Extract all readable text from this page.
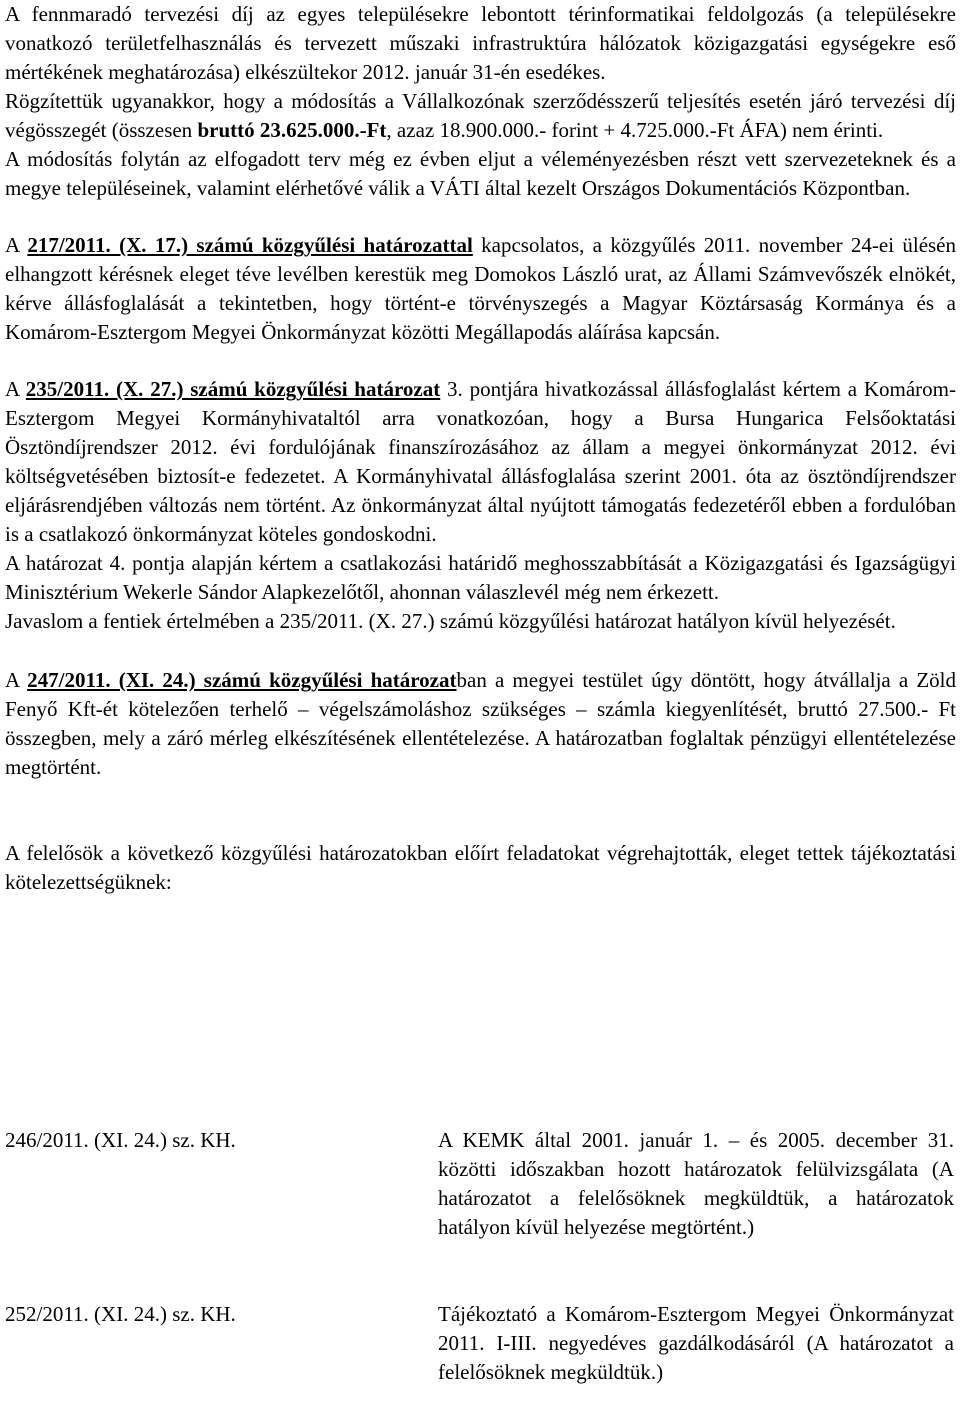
A fennmaradó tervezési díj az egyes településekre lebontott térinformatikai feldolgozás (a településekre vonatkozó területfelhasználás és tervezett műszaki infrastruktúra hálózatok közigazgatási egységekre eső mértékének meghatározása) elkészültekor 2012. január 31-én esedékes.

Rögzítettük ugyanakkor, hogy a módosítás a Vállalkozónak szerződésszerű teljesítés esetén járó tervezési díj végösszegét (összesen bruttó 23.625.000.-Ft, azaz 18.900.000.- forint + 4.725.000.-Ft ÁFA) nem érinti.

A módosítás folytán az elfogadott terv még ez évben eljut a véleményezésben részt vett szervezeteknek és a megye településeinek, valamint elérhetővé válik a VÁTI által kezelt Országos Dokumentációs Központban.

A 217/2011. (X. 17.) számú közgyűlési határozattal kapcsolatos, a közgyűlés 2011. november 24-ei ülésén elhangzott kérésnek eleget téve levélben kerestük meg Domokos László urat, az Állami Számvevőszék elnökét, kérve állásfoglalását a tekintetben, hogy történt-e törvényszegés a Magyar Köztársaság Kormánya és a Komárom-Esztergom Megyei Önkormányzat közötti Megállapodás aláírása kapcsán.

A 235/2011. (X. 27.) számú közgyűlési határozat 3. pontjára hivatkozással állásfoglalást kértem a Komárom-Esztergom Megyei Kormányhivataltól arra vonatkozóan, hogy a Bursa Hungarica Felsőoktatási Ösztöndíjrendszer 2012. évi fordulójának finanszírozásához az állam a megyei önkormányzat 2012. évi költségvetésében biztosít-e fedezetet. A Kormányhivatal állásfoglalása szerint 2001. óta az ösztöndíjrendszer eljárásrendjében változás nem történt. Az önkormányzat által nyújtott támogatás fedezetéről ebben a fordulóban is a csatlakozó önkormányzat köteles gondoskodni.

A határozat 4. pontja alapján kértem a csatlakozási határidő meghosszabbítását a Közigazgatási és Igazságügyi Minisztérium Wekerle Sándor Alapkezelőtől, ahonnan válaszlevél még nem érkezett.

Javaslom a fentiek értelmében a 235/2011. (X. 27.) számú közgyűlési határozat hatályon kívül helyezését.

A 247/2011. (XI. 24.) számú közgyűlési határozatban a megyei testület úgy döntött, hogy átvállalja a Zöld Fenyő Kft-ét kötelezően terhelő – végelszámoláshoz szükséges – számla kiegyenlítését, bruttó 27.500.- Ft összegben, mely a záró mérleg elkészítésének ellentételezése. A határozatban foglaltak pénzügyi ellentételezése megtörtént.

A felelősök a következő közgyűlési határozatokban előírt feladatokat végrehajtották, eleget tettek tájékoztatási kötelezettségüknek:

246/2011. (XI. 24.) sz. KH.	A KEMK által 2001. január 1. – és 2005. december 31. közötti időszakban hozott határozatok felülvizsgálata (A határozatot a felelősöknek megküldtük, a határozatok hatályon kívül helyezése megtörtént.)
252/2011. (XI. 24.) sz. KH.	Tájékoztató a Komárom-Esztergom Megyei Önkormányzat 2011. I-III. negyedéves gazdálkodásáról (A határozatot a felelősöknek megküldtük.)
